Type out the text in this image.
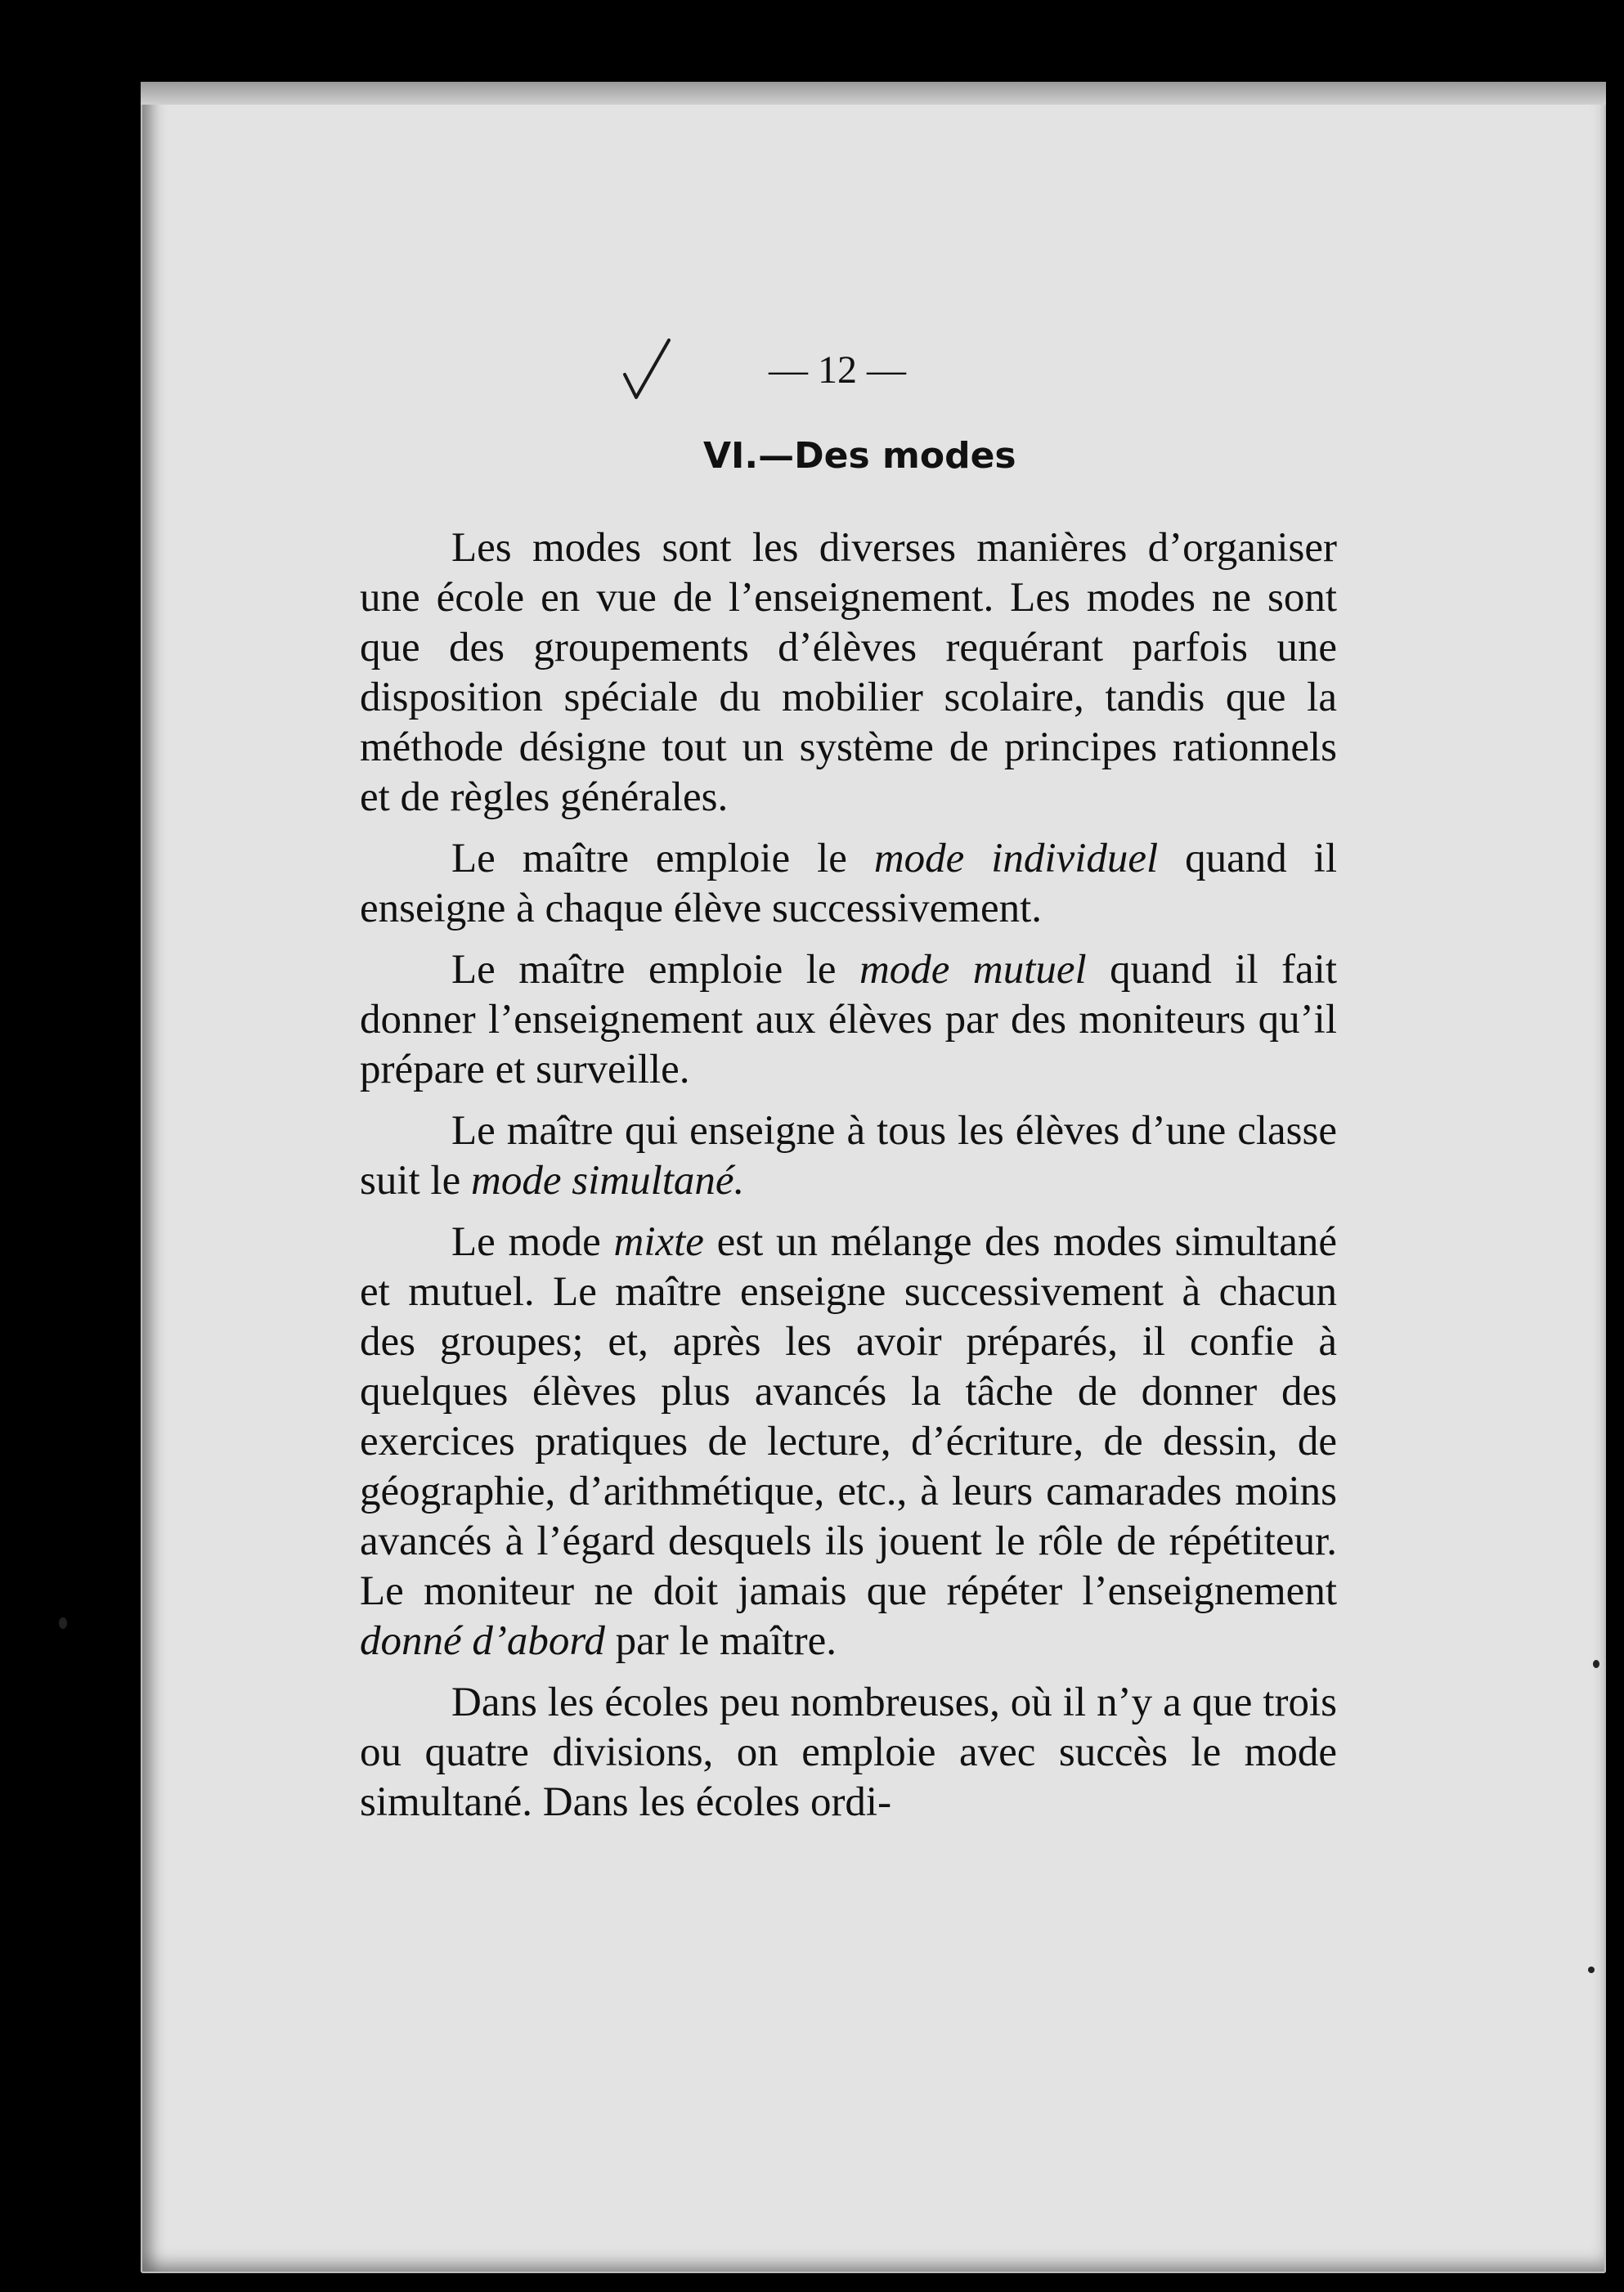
— 12 —
VI.—Des modes

Les modes sont les diverses manières d’organiser une école en vue de l’enseignement. Les modes ne sont que des groupements d’élèves requérant parfois une disposition spéciale du mobilier scolaire, tandis que la méthode désigne tout un système de principes rationnels et de règles générales.

Le maître emploie le mode individuel quand il enseigne à chaque élève successivement.

Le maître emploie le mode mutuel quand il fait donner l’enseignement aux élèves par des moniteurs qu’il prépare et surveille.

Le maître qui enseigne à tous les élèves d’une classe suit le mode simultané.

Le mode mixte est un mélange des modes simultané et mutuel. Le maître enseigne successivement à chacun des groupes; et, après les avoir préparés, il confie à quelques élèves plus avancés la tâche de donner des exercices pratiques de lecture, d’écriture, de dessin, de géographie, d’arithmétique, etc., à leurs camarades moins avancés à l’égard desquels ils jouent le rôle de répétiteur. Le moniteur ne doit jamais que répéter l’enseignement donné d’abord par le maître.

Dans les écoles peu nombreuses, où il n’y a que trois ou quatre divisions, on emploie avec succès le mode simultané. Dans les écoles ordi-
